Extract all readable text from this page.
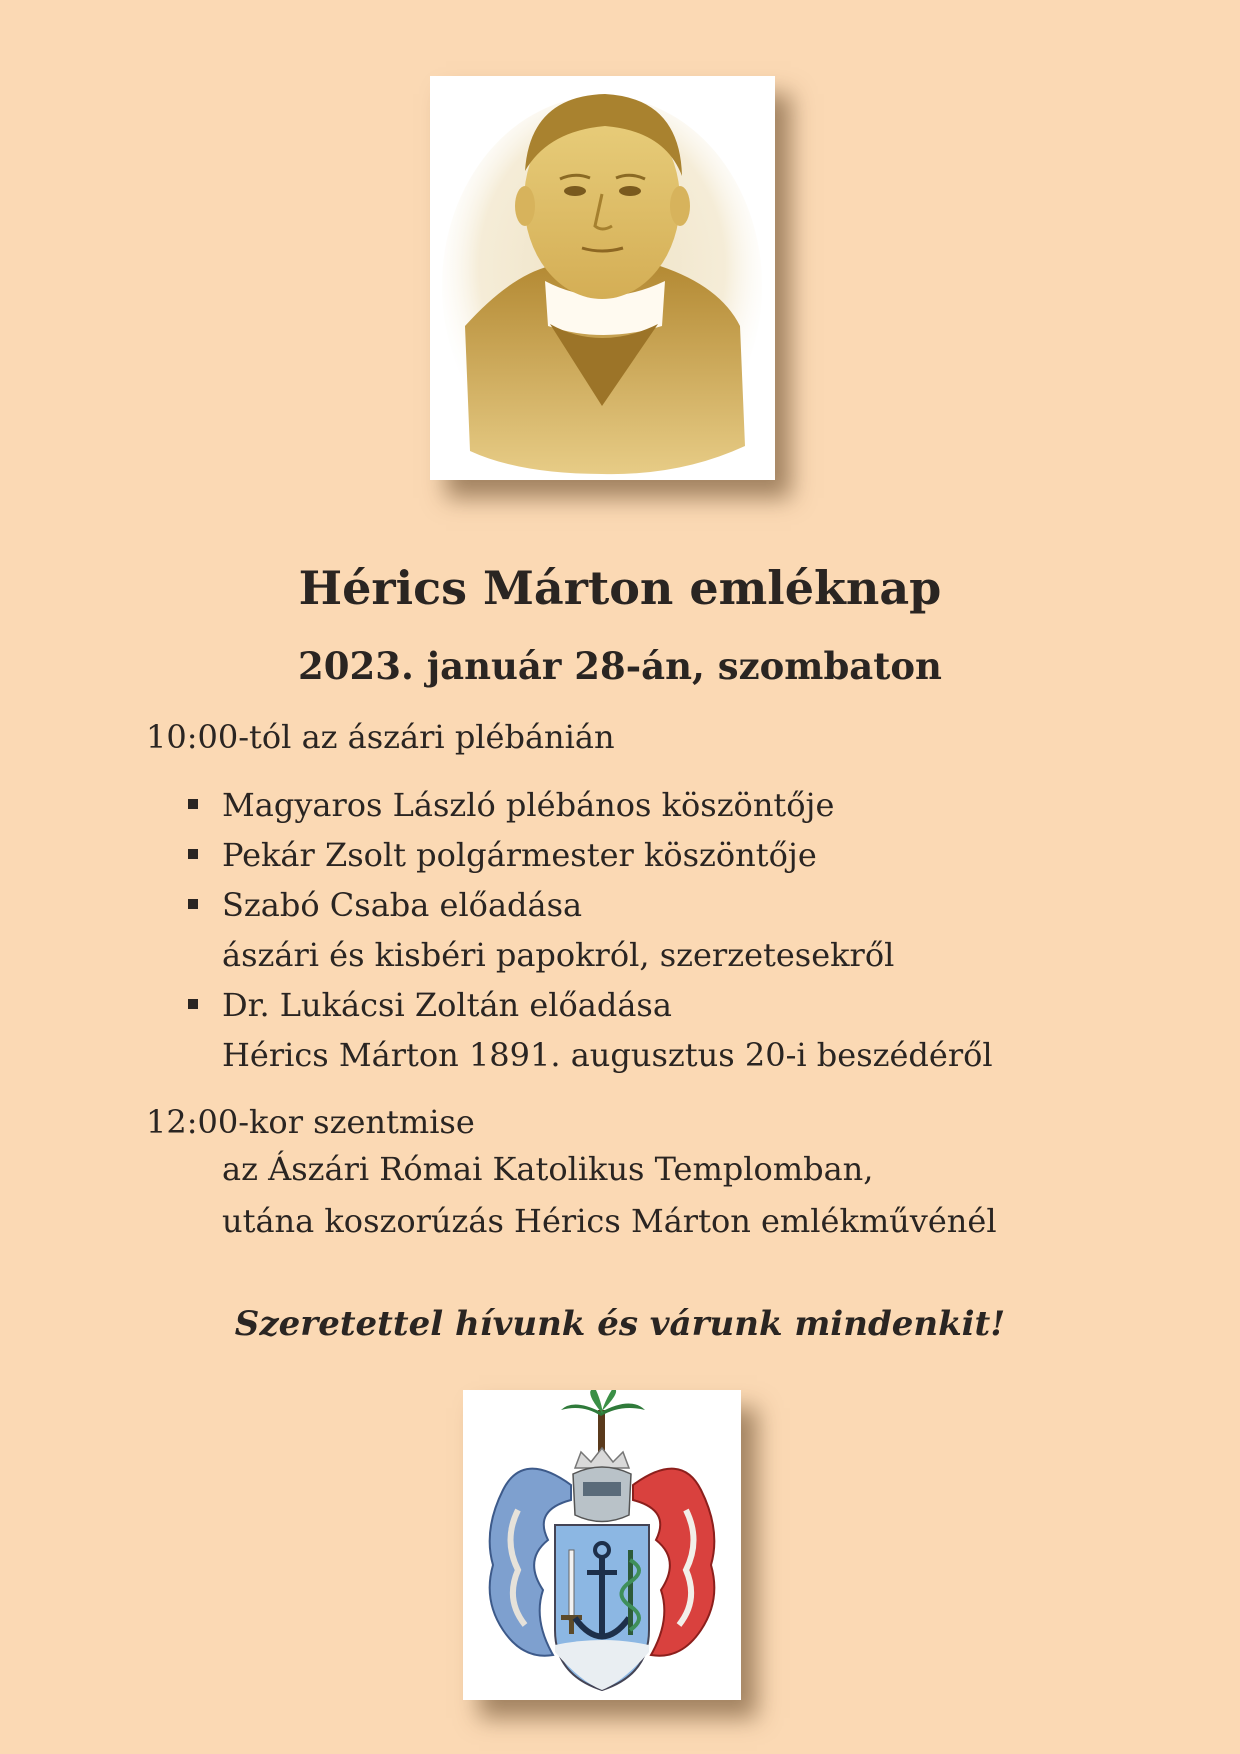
Hérics Márton emléknap
2023. január 28-án, szombaton
10:00-tól az ászári plébánián
Magyaros László plébános köszöntője
Pekár Zsolt polgármester köszöntője
Szabó Csaba előadása
ászári és kisbéri papokról, szerzetesekről
Dr. Lukácsi Zoltán előadása
Hérics Márton 1891. augusztus 20-i beszédéről
12:00-kor szentmise
az Ászári Római Katolikus Templomban,
utána koszorúzás Hérics Márton emlékművénél
Szeretettel hívunk és várunk mindenkit!
